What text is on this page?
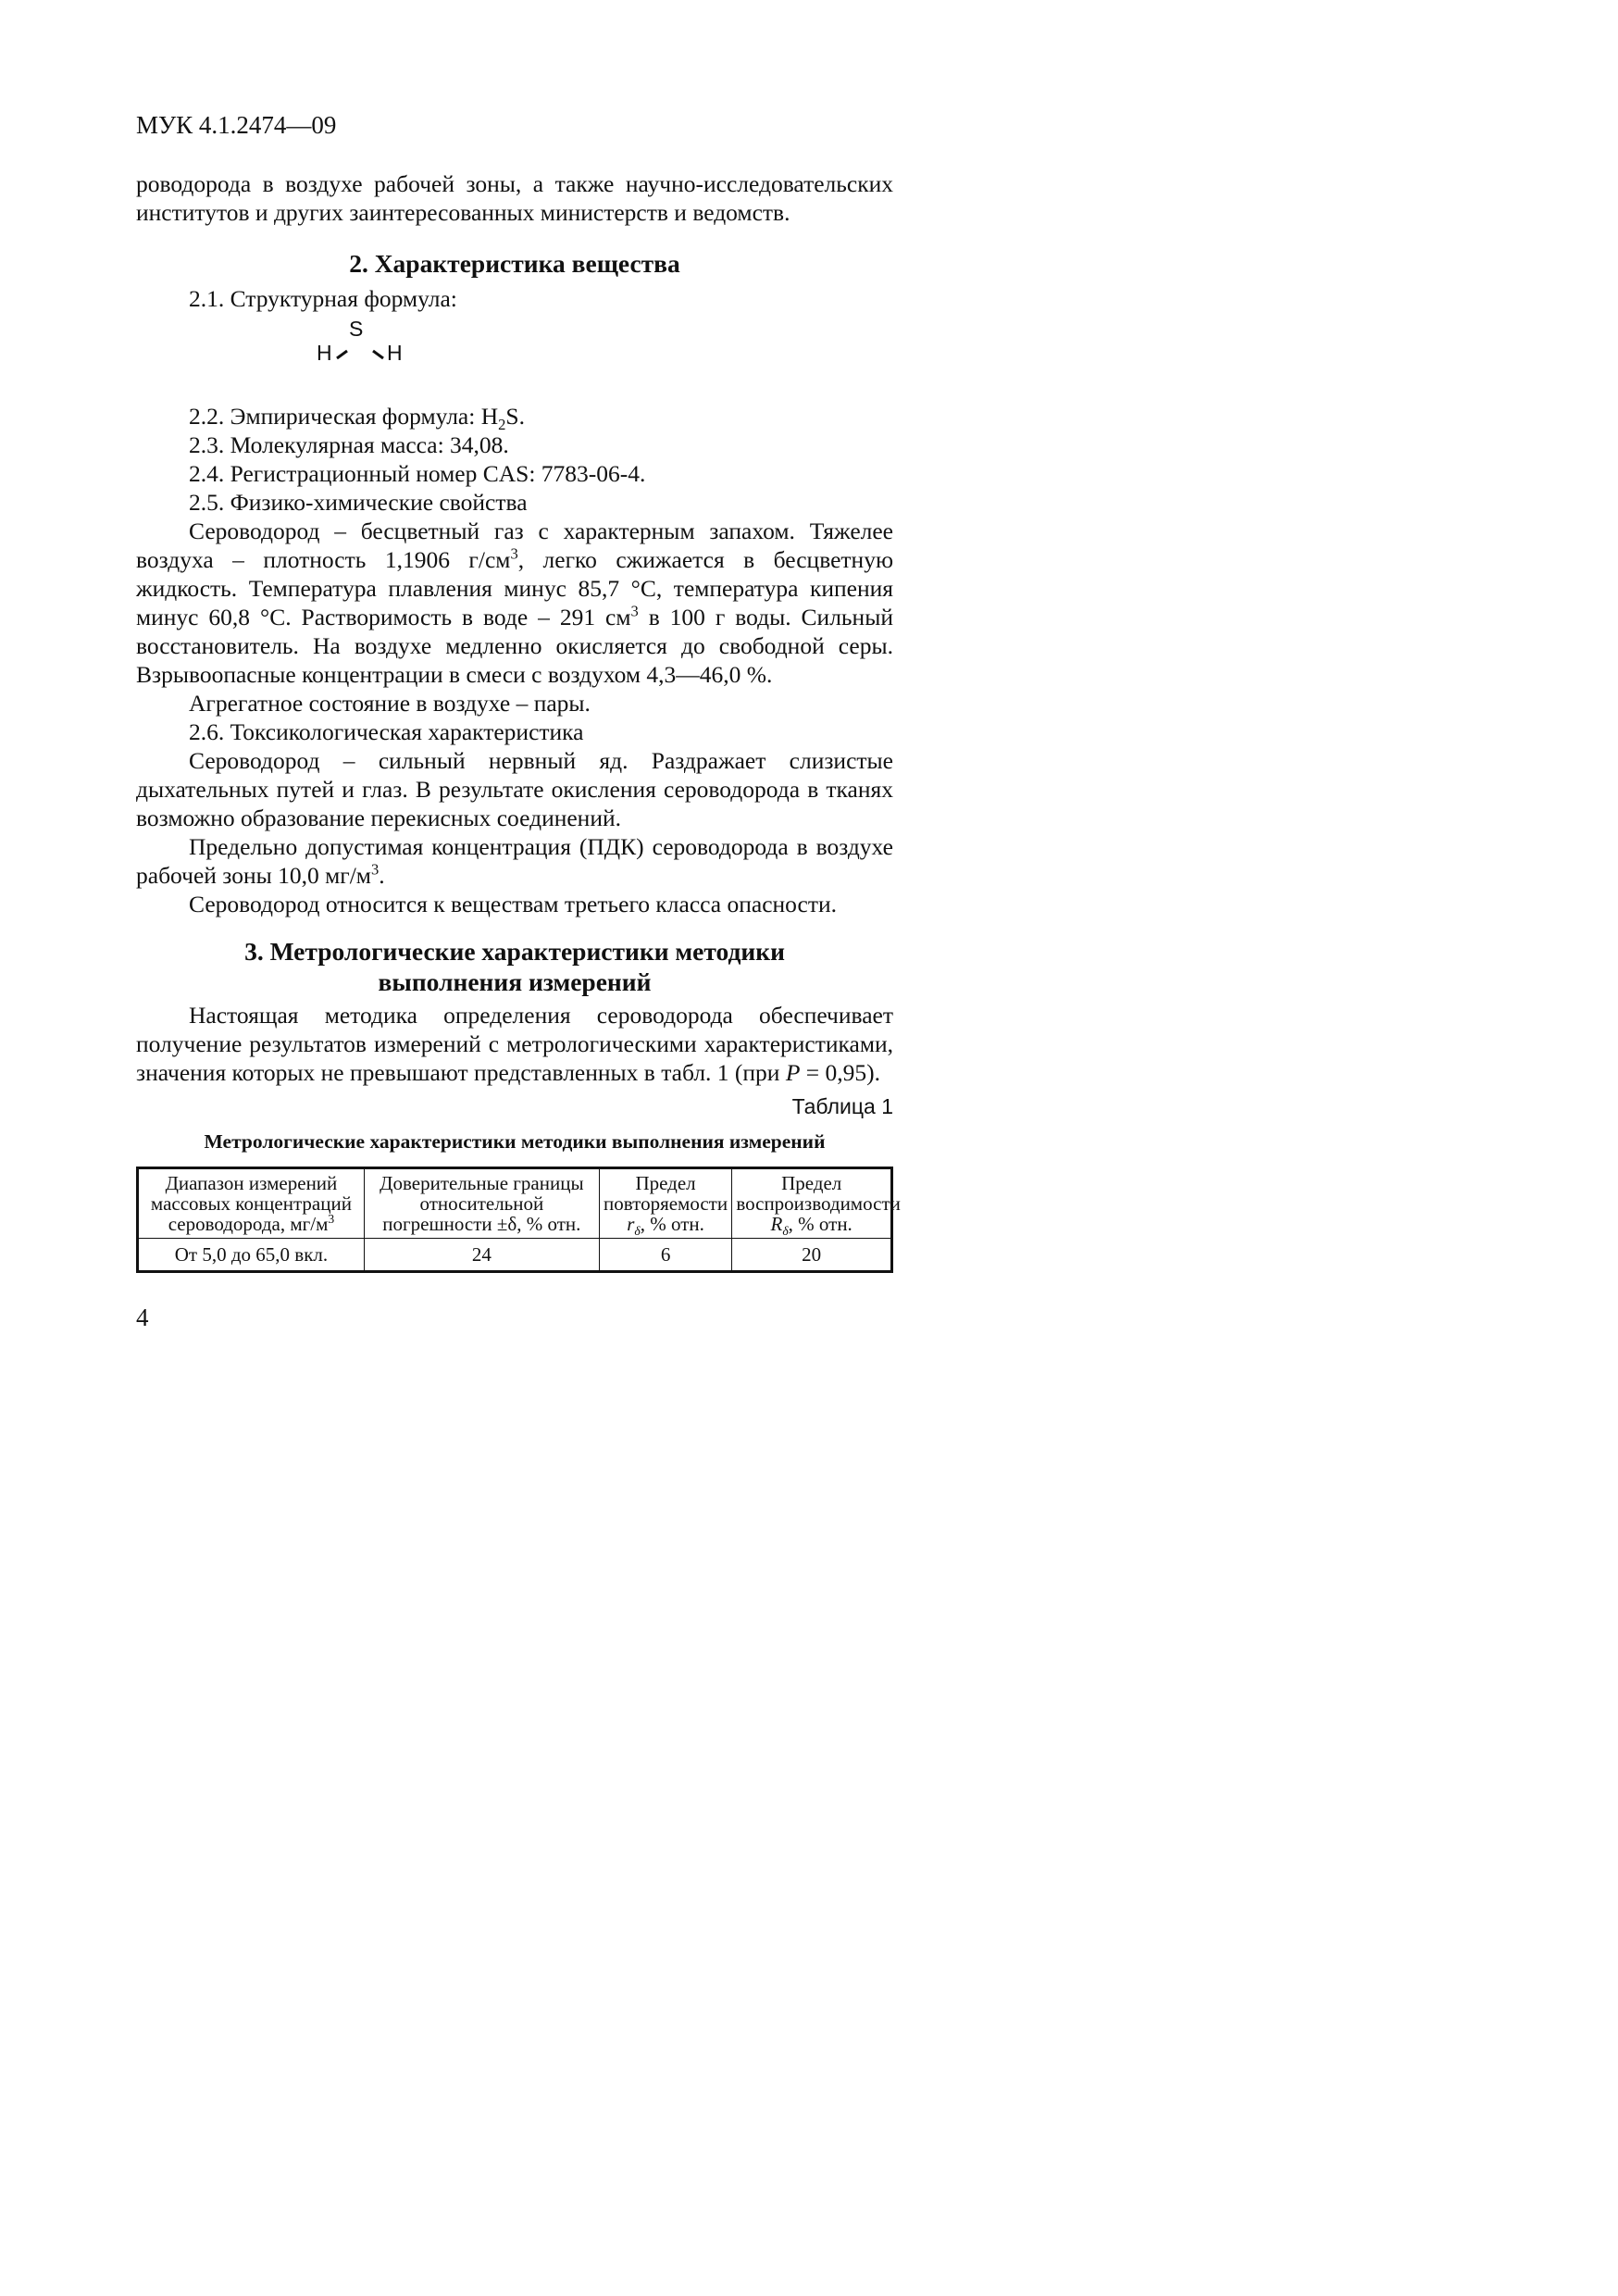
МУК 4.1.2474—09

роводорода в воздухе рабочей зоны, а также научно-исследовательских

институтов и других заинтересованных министерств и ведомств.

2. Характеристика вещества

2.1. Структурная формула:

S
H	H

2.2. Эмпирическая формула: $H_2S$.

2.3. Молекулярная масса: 34,08.

2.4. Регистрационный номер CAS: 7783-06-4.

2.5. Физико-химические свойства

Сероводород – бесцветный газ с характерным запахом. Тяжелее воздуха – плотность 1,1906 $г/см^3$, легко сжижается в бесцветную жидкость. Температура плавления минус 85,7 °С, температура кипения минус 60,8 °С. Растворимость в воде – 291 $см^3$ в 100 г воды. Сильный восстановитель. На воздухе медленно окисляется до свободной серы. Взрывоопасные концентрации в смеси с воздухом 4,3—46,0 %.

Агрегатное состояние в воздухе – пары.

2.6. Токсикологическая характеристика

Сероводород – сильный нервный яд. Раздражает слизистые дыхательных путей и глаз. В результате окисления сероводорода в тканях возможно образование перекисных соединений.

Предельно допустимая концентрация (ПДК) сероводорода в воздухе рабочей зоны 10,0 $мг/м^3$.

Сероводород относится к веществам третьего класса опасности.

3. Метрологические характеристики методики
выполнения измерений

Настоящая методика определения сероводорода обеспечивает получение результатов измерений с метрологическими характеристиками, значения которых не превышают представленных в табл. 1 (при P = 0,95).

Таблица 1

Метрологические характеристики методики выполнения измерений

Диапазон измерений массовых концентраций сероводорода, $мг/м^3$	Доверительные границы относительной погрешности ±δ, % отн.	Предел повторяемости $r_\delta$, % отн.	Предел воспроизводимости $R_\delta$, % отн.
От 5,0 до 65,0 вкл.	24	6	20
4
